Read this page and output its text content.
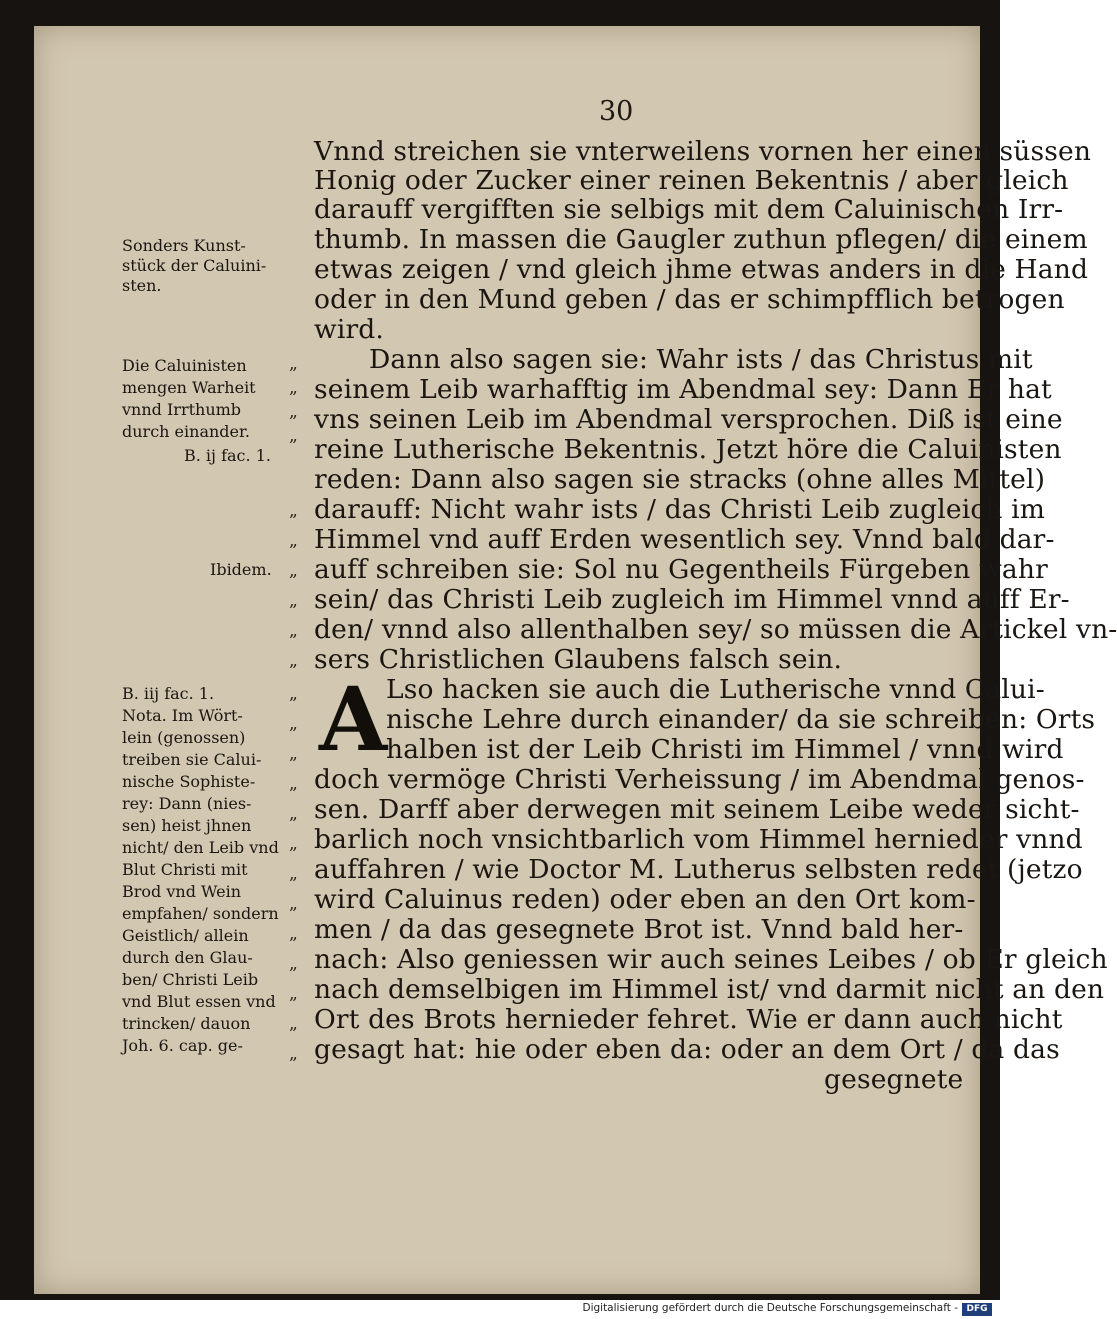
30
Vnnd streichen sie vnterweilens vornen her einen süssen
Honig oder Zucker einer reinen Bekentnis / aber gleich
darauff vergifften sie selbigs mit dem Caluinischen Irr-
thumb. In massen die Gaugler zuthun pflegen/ die einem
etwas zeigen / vnd gleich jhme etwas anders in die Hand
oder in den Mund geben / das er schimpfflich betrogen
wird.
Dann also sagen sie: Wahr ists / das Christus mit
seinem Leib warhafftig im Abendmal sey: Dann Er hat
vns seinen Leib im Abendmal versprochen. Diß ist eine
reine Lutherische Bekentnis. Jetzt höre die Caluinisten
reden: Dann also sagen sie stracks (ohne alles Mittel)
darauff: Nicht wahr ists / das Christi Leib zugleich im
Himmel vnd auff Erden wesentlich sey. Vnnd bald dar-
auff schreiben sie: Sol nu Gegentheils Fürgeben wahr
sein/ das Christi Leib zugleich im Himmel vnnd auff Er-
den/ vnnd also allenthalben sey/ so müssen die Artickel vn-
sers Christlichen Glaubens falsch sein.
Lso hacken sie auch die Lutherische vnnd Calui-
nische Lehre durch einander/ da sie schreiben: Orts
halben ist der Leib Christi im Himmel / vnnd wird
doch vermöge Christi Verheissung / im Abendmal genos-
sen. Darff aber derwegen mit seinem Leibe weder sicht-
barlich noch vnsichtbarlich vom Himmel hernieder vnnd
auffahren / wie Doctor M. Lutherus selbsten redet (jetzo
wird Caluinus reden) oder eben an den Ort kom-
men / da das gesegnete Brot ist. Vnnd bald her-
nach: Also geniessen wir auch seines Leibes / ob Er gleich
nach demselbigen im Himmel ist/ vnd darmit nicht an den
Ort des Brots hernieder fehret. Wie er dann auch nicht
gesagt hat: hie oder eben da: oder an dem Ort / da das
gesegnete
A
Sonders Kunst-
stück der Caluini-
sten.
Die Caluinisten
mengen Warheit
vnnd Irrthumb
durch einander.
B. ij fac. 1.
Ibidem.
B. iij fac. 1.
Nota. Im Wört-
lein (genossen)
treiben sie Calui-
nische Sophiste-
rey: Dann (nies-
sen) heist jhnen
nicht/ den Leib vnd
Blut Christi mit
Brod vnd Wein
empfahen/ sondern
Geistlich/ allein
durch den Glau-
ben/ Christi Leib
vnd Blut essen vnd
trincken/ dauon
Joh. 6. cap. ge-
„
„
„
„
„
„
„
„
„
„
„
„
„
„
„
„
„
„
„
„
„
„
„
Digitalisierung gefördert durch die Deutsche Forschungsgemeinschaft - DFG
